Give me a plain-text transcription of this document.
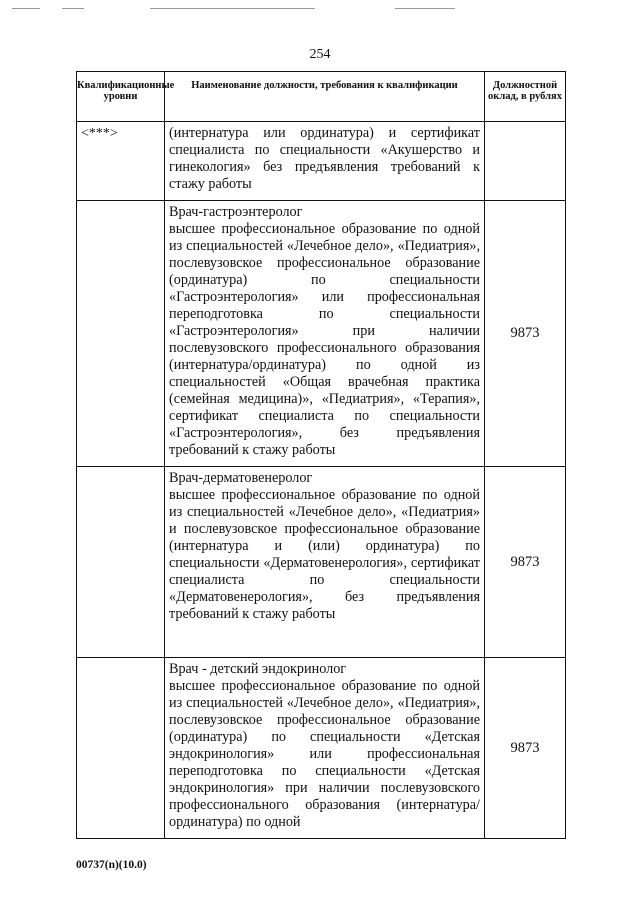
254
Квалификационные уровни	Наименование должности, требования к квалификации	Должностной оклад, в рублях
<***>	(интернатура или ординатура) и сертификат специалиста по специальности «Акушерство и гинекология» без предъявления требований к стажу работы	

	Врач-гастроэнтеролог
высшее профессиональное образование по одной из специальностей «Лечебное дело», «Педиатрия», послевузовское профессиональное образование (ординатура) по специальности «Гастроэнтерология» или профессиональная переподготовка по специальности «Гастроэнтерология» при наличии послевузовского профессионального образования (интернатура/ординатура) по одной из специальностей «Общая врачебная практика (семейная медицина)», «Педиатрия», «Терапия», сертификат специалиста по специальности «Гастроэнтерология», без предъявления требований к стажу работы	9873

	Врач-дерматовенеролог
высшее профессиональное образование по одной из специальностей «Лечебное дело», «Педиатрия» и послевузовское профессиональное образование (интернатура и (или) ординатура) по специальности «Дерматовенерология», сертификат специалиста по специальности «Дерматовенерология», без предъявления требований к стажу работы	9873

	Врач - детский эндокринолог
высшее профессиональное образование по одной из специальностей «Лечебное дело», «Педиатрия», послевузовское профессиональное образование (ординатура) по специальности «Детская эндокринология» или профессиональная переподготовка по специальности «Детская эндокринология» при наличии послевузовского профессионального образования (интернатура/ординатура) по одной	9873
00737(n)(10.0)
